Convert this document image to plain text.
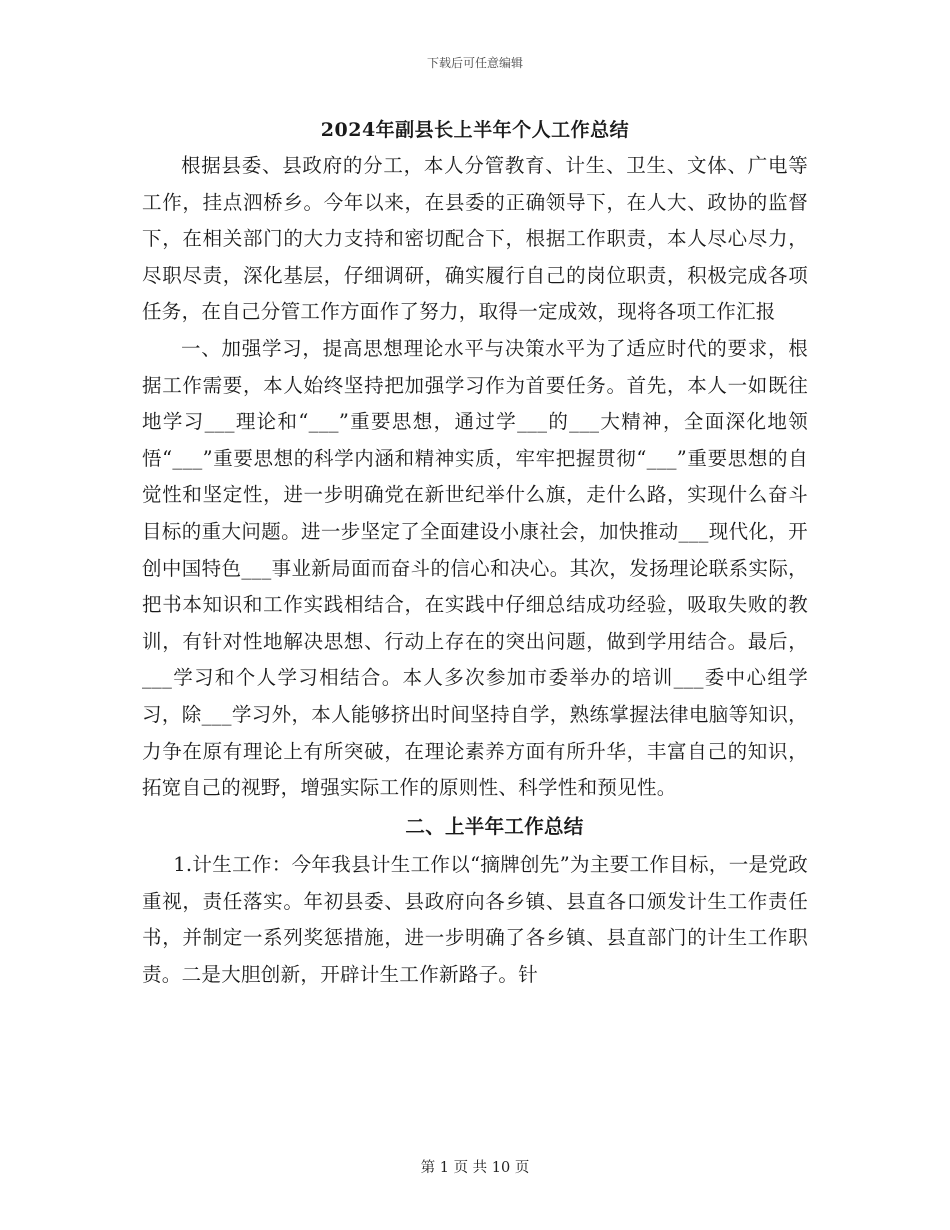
下载后可任意编辑
2024年副县长上半年个人工作总结

根据县委、县政府的分工，本人分管教育、计生、卫生、文体、广电等工作，挂点泗桥乡。今年以来，在县委的正确领导下，在人大、政协的监督下，在相关部门的大力支持和密切配合下，根据工作职责，本人尽心尽力，尽职尽责，深化基层，仔细调研，确实履行自己的岗位职责，积极完成各项任务，在自己分管工作方面作了努力，取得一定成效，现将各项工作汇报

一、加强学习，提高思想理论水平与决策水平为了适应时代的要求，根据工作需要，本人始终坚持把加强学习作为首要任务。首先，本人一如既往地学习___理论和“___”重要思想，通过学___的___大精神，全面深化地领悟“___”重要思想的科学内涵和精神实质，牢牢把握贯彻“___”重要思想的自觉性和坚定性，进一步明确党在新世纪举什么旗，走什么路，实现什么奋斗目标的重大问题。进一步坚定了全面建设小康社会，加快推动___现代化，开创中国特色___事业新局面而奋斗的信心和决心。其次，发扬理论联系实际，把书本知识和工作实践相结合，在实践中仔细总结成功经验，吸取失败的教训，有针对性地解决思想、行动上存在的突出问题，做到学用结合。最后，___学习和个人学习相结合。本人多次参加市委举办的培训___委中心组学习，除___学习外，本人能够挤出时间坚持自学，熟练掌握法律电脑等知识，力争在原有理论上有所突破，在理论素养方面有所升华，丰富自己的知识，拓宽自己的视野，增强实际工作的原则性、科学性和预见性。

二、上半年工作总结

1.计生工作：今年我县计生工作以“摘牌创先”为主要工作目标，一是党政重视，责任落实。年初县委、县政府向各乡镇、县直各口颁发计生工作责任书，并制定一系列奖惩措施，进一步明确了各乡镇、县直部门的计生工作职责。二是大胆创新，开辟计生工作新路子。针

第 1 页 共 10 页
